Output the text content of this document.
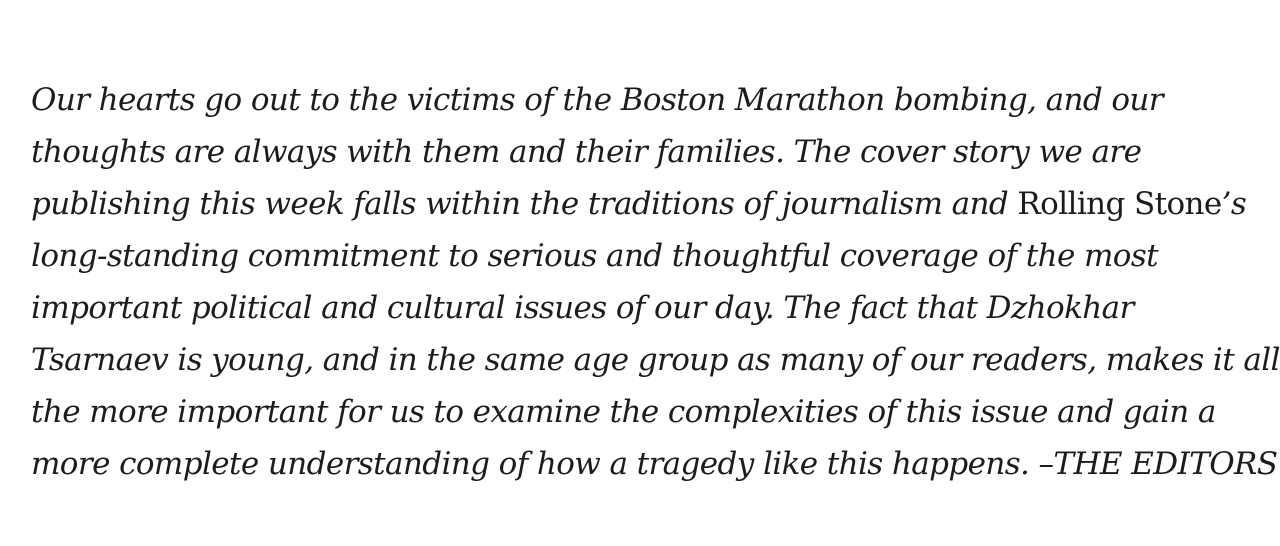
Our hearts go out to the victims of the Boston Marathon bombing, and our
thoughts are always with them and their families. The cover story we are
publishing this week falls within the traditions of journalism and Rolling Stone’s
long-standing commitment to serious and thoughtful coverage of the most
important political and cultural issues of our day. The fact that Dzhokhar
Tsarnaev is young, and in the same age group as many of our readers, makes it all
the more important for us to examine the complexities of this issue and gain a
more complete understanding of how a tragedy like this happens. –THE EDITORS
